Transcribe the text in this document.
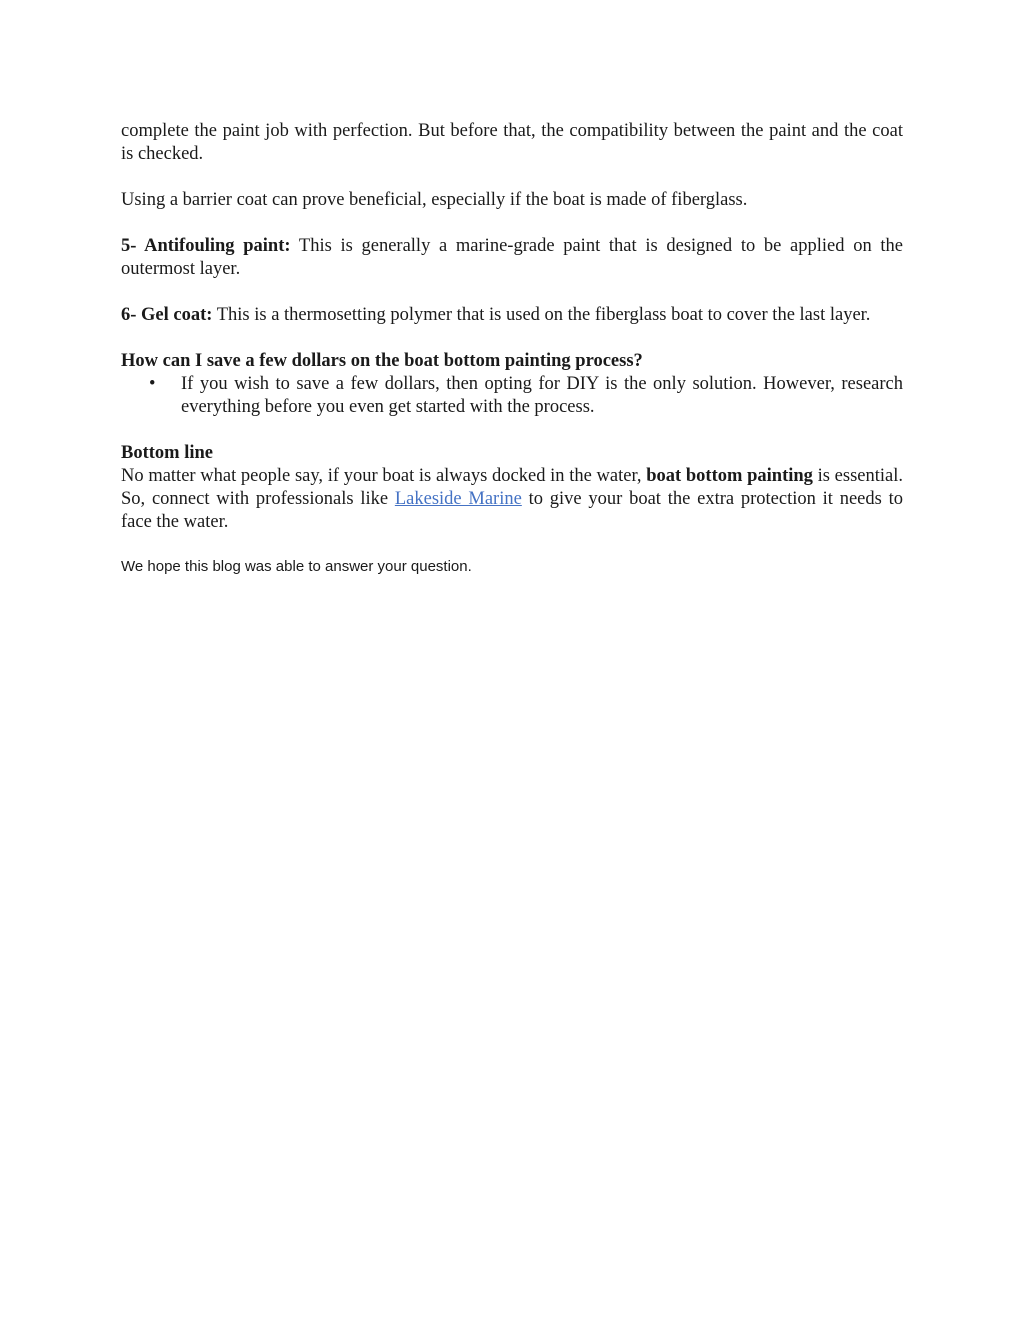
complete the paint job with perfection. But before that, the compatibility between the paint and the coat is checked.

Using a barrier coat can prove beneficial, especially if the boat is made of fiberglass.

5- Antifouling paint: This is generally a marine-grade paint that is designed to be applied on the outermost layer.

6- Gel coat: This is a thermosetting polymer that is used on the fiberglass boat to cover the last layer.

How can I save a few dollars on the boat bottom painting process?

• If you wish to save a few dollars, then opting for DIY is the only solution. However, research everything before you even get started with the process.

Bottom line

No matter what people say, if your boat is always docked in the water, boat bottom painting is essential. So, connect with professionals like Lakeside Marine to give your boat the extra protection it needs to face the water.

We hope this blog was able to answer your question.
